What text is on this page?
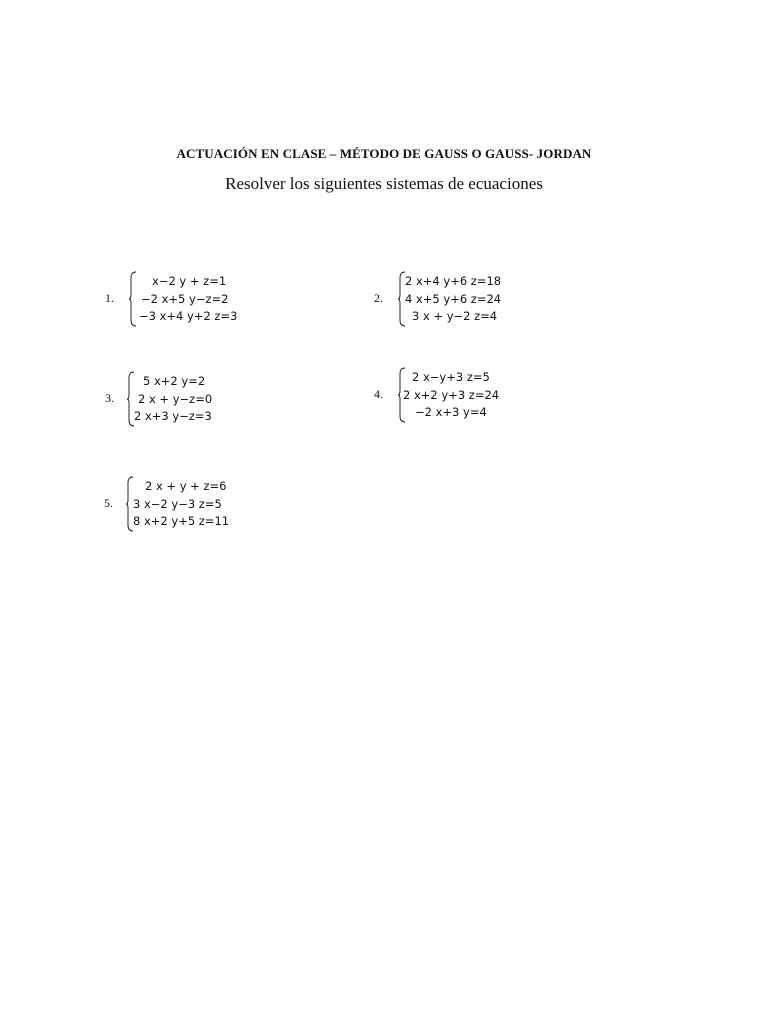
ACTUACIÓN EN CLASE – MÉTODO DE GAUSS O GAUSS- JORDAN
Resolver los siguientes sistemas de ecuaciones
1.
x−2 y + z=1
−2 x+5 y−z=2
−3 x+4 y+2 z=3
2.
2 x+4 y+6 z=18
4 x+5 y+6 z=24
3 x + y−2 z=4
3.
5 x+2 y=2
2 x + y−z=0
2 x+3 y−z=3
4.
2 x−y+3 z=5
2 x+2 y+3 z=24
−2 x+3 y=4
5.
2 x + y + z=6
3 x−2 y−3 z=5
8 x+2 y+5 z=11
